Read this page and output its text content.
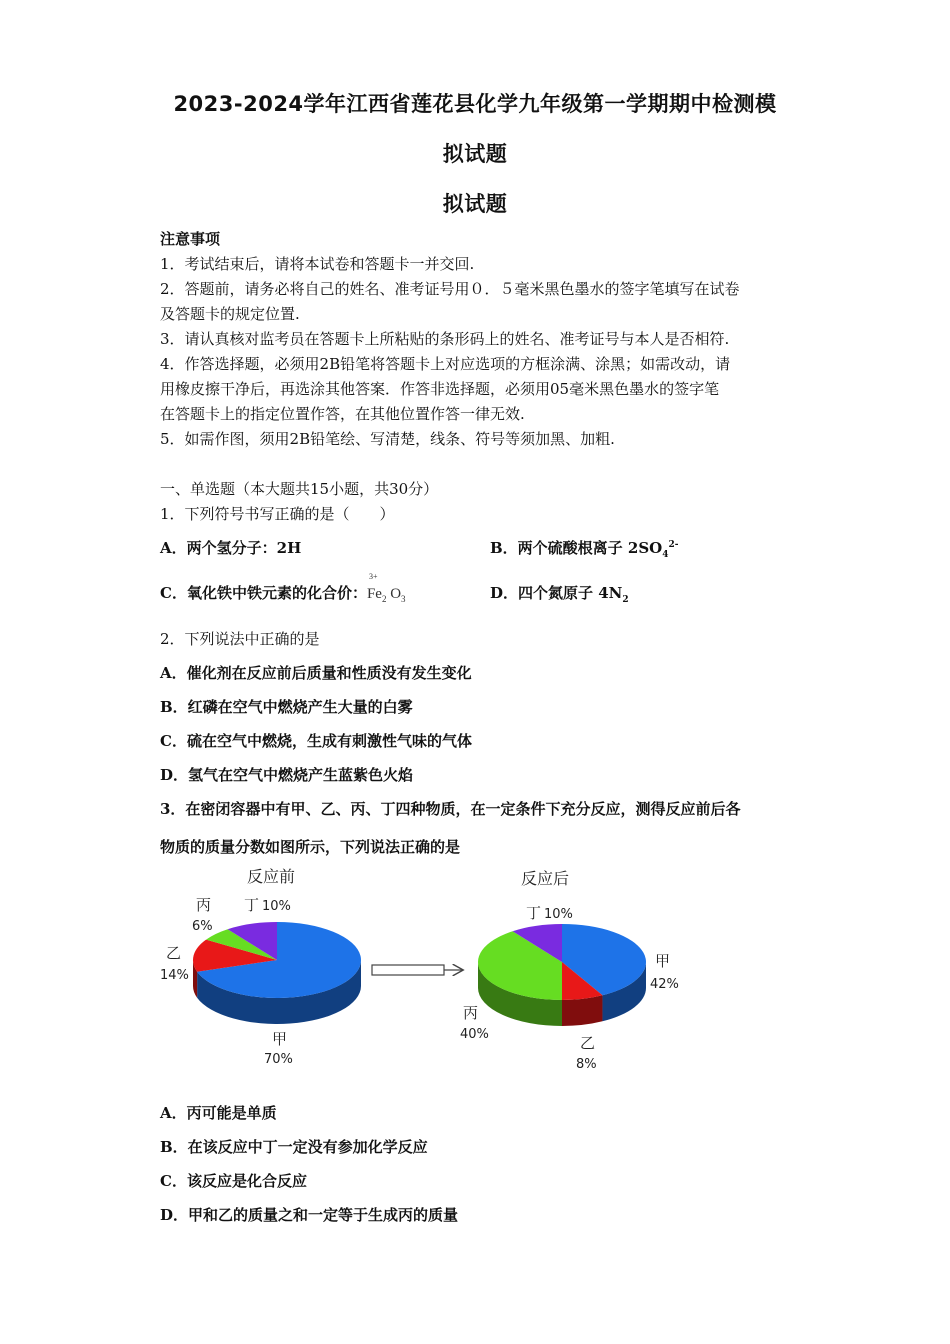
2023-2024学年江西省莲花县化学九年级第一学期期中检测模
拟试题
拟试题
注意事项
1．考试结束后，请将本试卷和答题卡一并交回.
2．答题前，请务必将自己的姓名、准考证号用０．５毫米黑色墨水的签字笔填写在试卷
及答题卡的规定位置.
3．请认真核对监考员在答题卡上所粘贴的条形码上的姓名、准考证号与本人是否相符.
4．作答选择题，必须用2B铅笔将答题卡上对应选项的方框涂满、涂黑；如需改动，请
用橡皮擦干净后，再选涂其他答案．作答非选择题，必须用05毫米黑色墨水的签字笔
在答题卡上的指定位置作答，在其他位置作答一律无效.
5．如需作图，须用2B铅笔绘、写清楚，线条、符号等须加黑、加粗.
一、单选题（本大题共15小题，共30分）
1．下列符号书写正确的是（　　）
A．两个氢分子：2H	B．两个硫酸根离子 $2SO_4^{2-}$
C．氧化铁中铁元素的化合价：
3+
$Fe_2$ $O_3$	D．四个氮原子 $4N_2$
2．下列说法中正确的是
A．催化剂在反应前后质量和性质没有发生变化
B．红磷在空气中燃烧产生大量的白雾
C．硫在空气中燃烧，生成有刺激性气味的气体
D．氢气在空气中燃烧产生蓝紫色火焰
3．在密闭容器中有甲、乙、丙、丁四种物质，在一定条件下充分反应，测得反应前后各
物质的质量分数如图所示，下列说法正确的是
反应前	反应后
丙
6%
丁 10%
乙
14%
甲
70%
丁 10%
甲
42%
丙
40%	乙
8%
A．丙可能是单质
B．在该反应中丁一定没有参加化学反应
C．该反应是化合反应
D．甲和乙的质量之和一定等于生成丙的质量
